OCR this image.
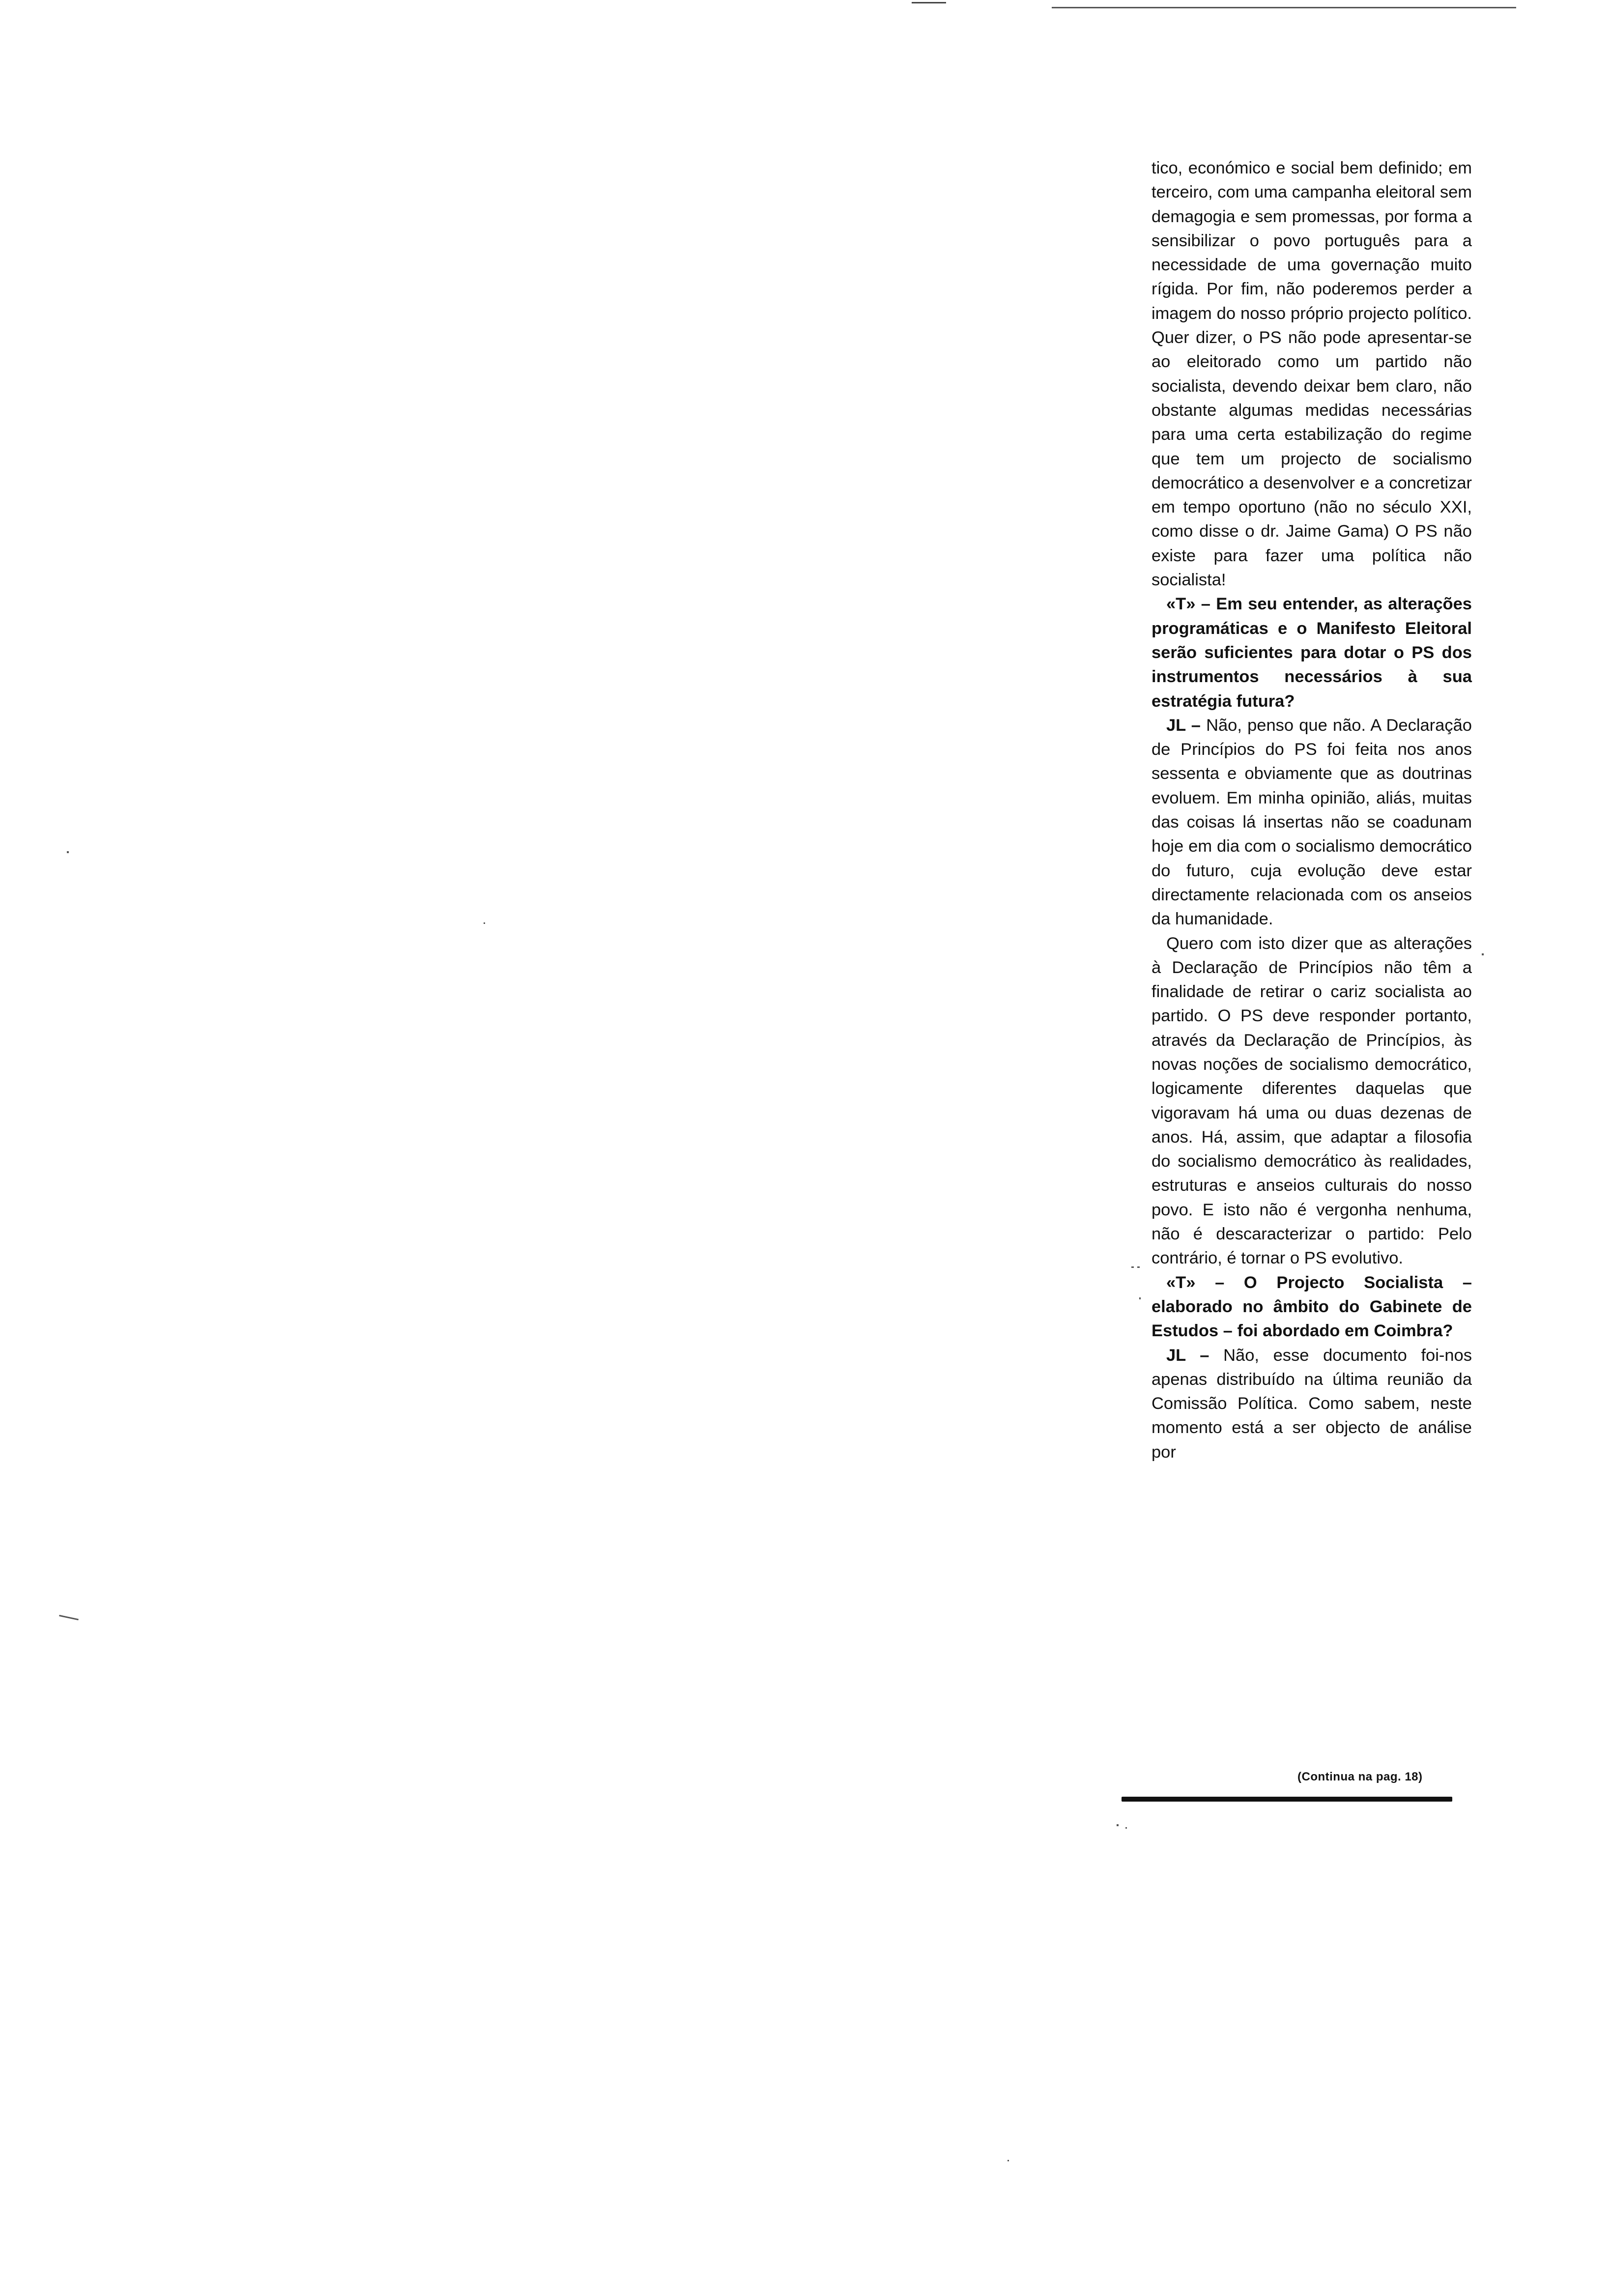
tico, económico e social bem definido; em terceiro, com uma campanha eleitoral sem demagogia e sem promessas, por forma a sensibilizar o povo português para a necessidade de uma governação muito rígida. Por fim, não poderemos perder a imagem do nosso próprio projecto político. Quer dizer, o PS não pode apresentar-se ao eleitorado como um partido não socialista, devendo deixar bem claro, não obstante algumas medidas necessárias para uma certa estabilização do regime que tem um projecto de socialismo democrático a desenvolver e a concretizar em tempo oportuno (não no século XXI, como disse o dr. Jaime Gama) O PS não existe para fazer uma política não socialista!

«T» – Em seu entender, as alterações programáticas e o Manifesto Eleitoral serão suficientes para dotar o PS dos instrumentos necessários à sua estratégia futura?

JL – Não, penso que não. A Declaração de Princípios do PS foi feita nos anos sessenta e obviamente que as doutrinas evoluem. Em minha opinião, aliás, muitas das coisas lá insertas não se coadunam hoje em dia com o socialismo democrático do futuro, cuja evolução deve estar directamente relacionada com os anseios da humanidade.

Quero com isto dizer que as alterações à Declaração de Princípios não têm a finalidade de retirar o cariz socialista ao partido. O PS deve responder portanto, através da Declaração de Princípios, às novas noções de socialismo democrático, logicamente diferentes daquelas que vigoravam há uma ou duas dezenas de anos. Há, assim, que adaptar a filosofia do socialismo democrático às realidades, estruturas e anseios culturais do nosso povo. E isto não é vergonha nenhuma, não é descaracterizar o partido: Pelo contrário, é tornar o PS evolutivo.

«T» – O Projecto Socialista – elaborado no âmbito do Gabinete de Estudos – foi abordado em Coimbra?

JL – Não, esse documento foi-nos apenas distribuído na última reunião da Comissão Política. Como sabem, neste momento está a ser objecto de análise por

(Continua na pag. 18)
